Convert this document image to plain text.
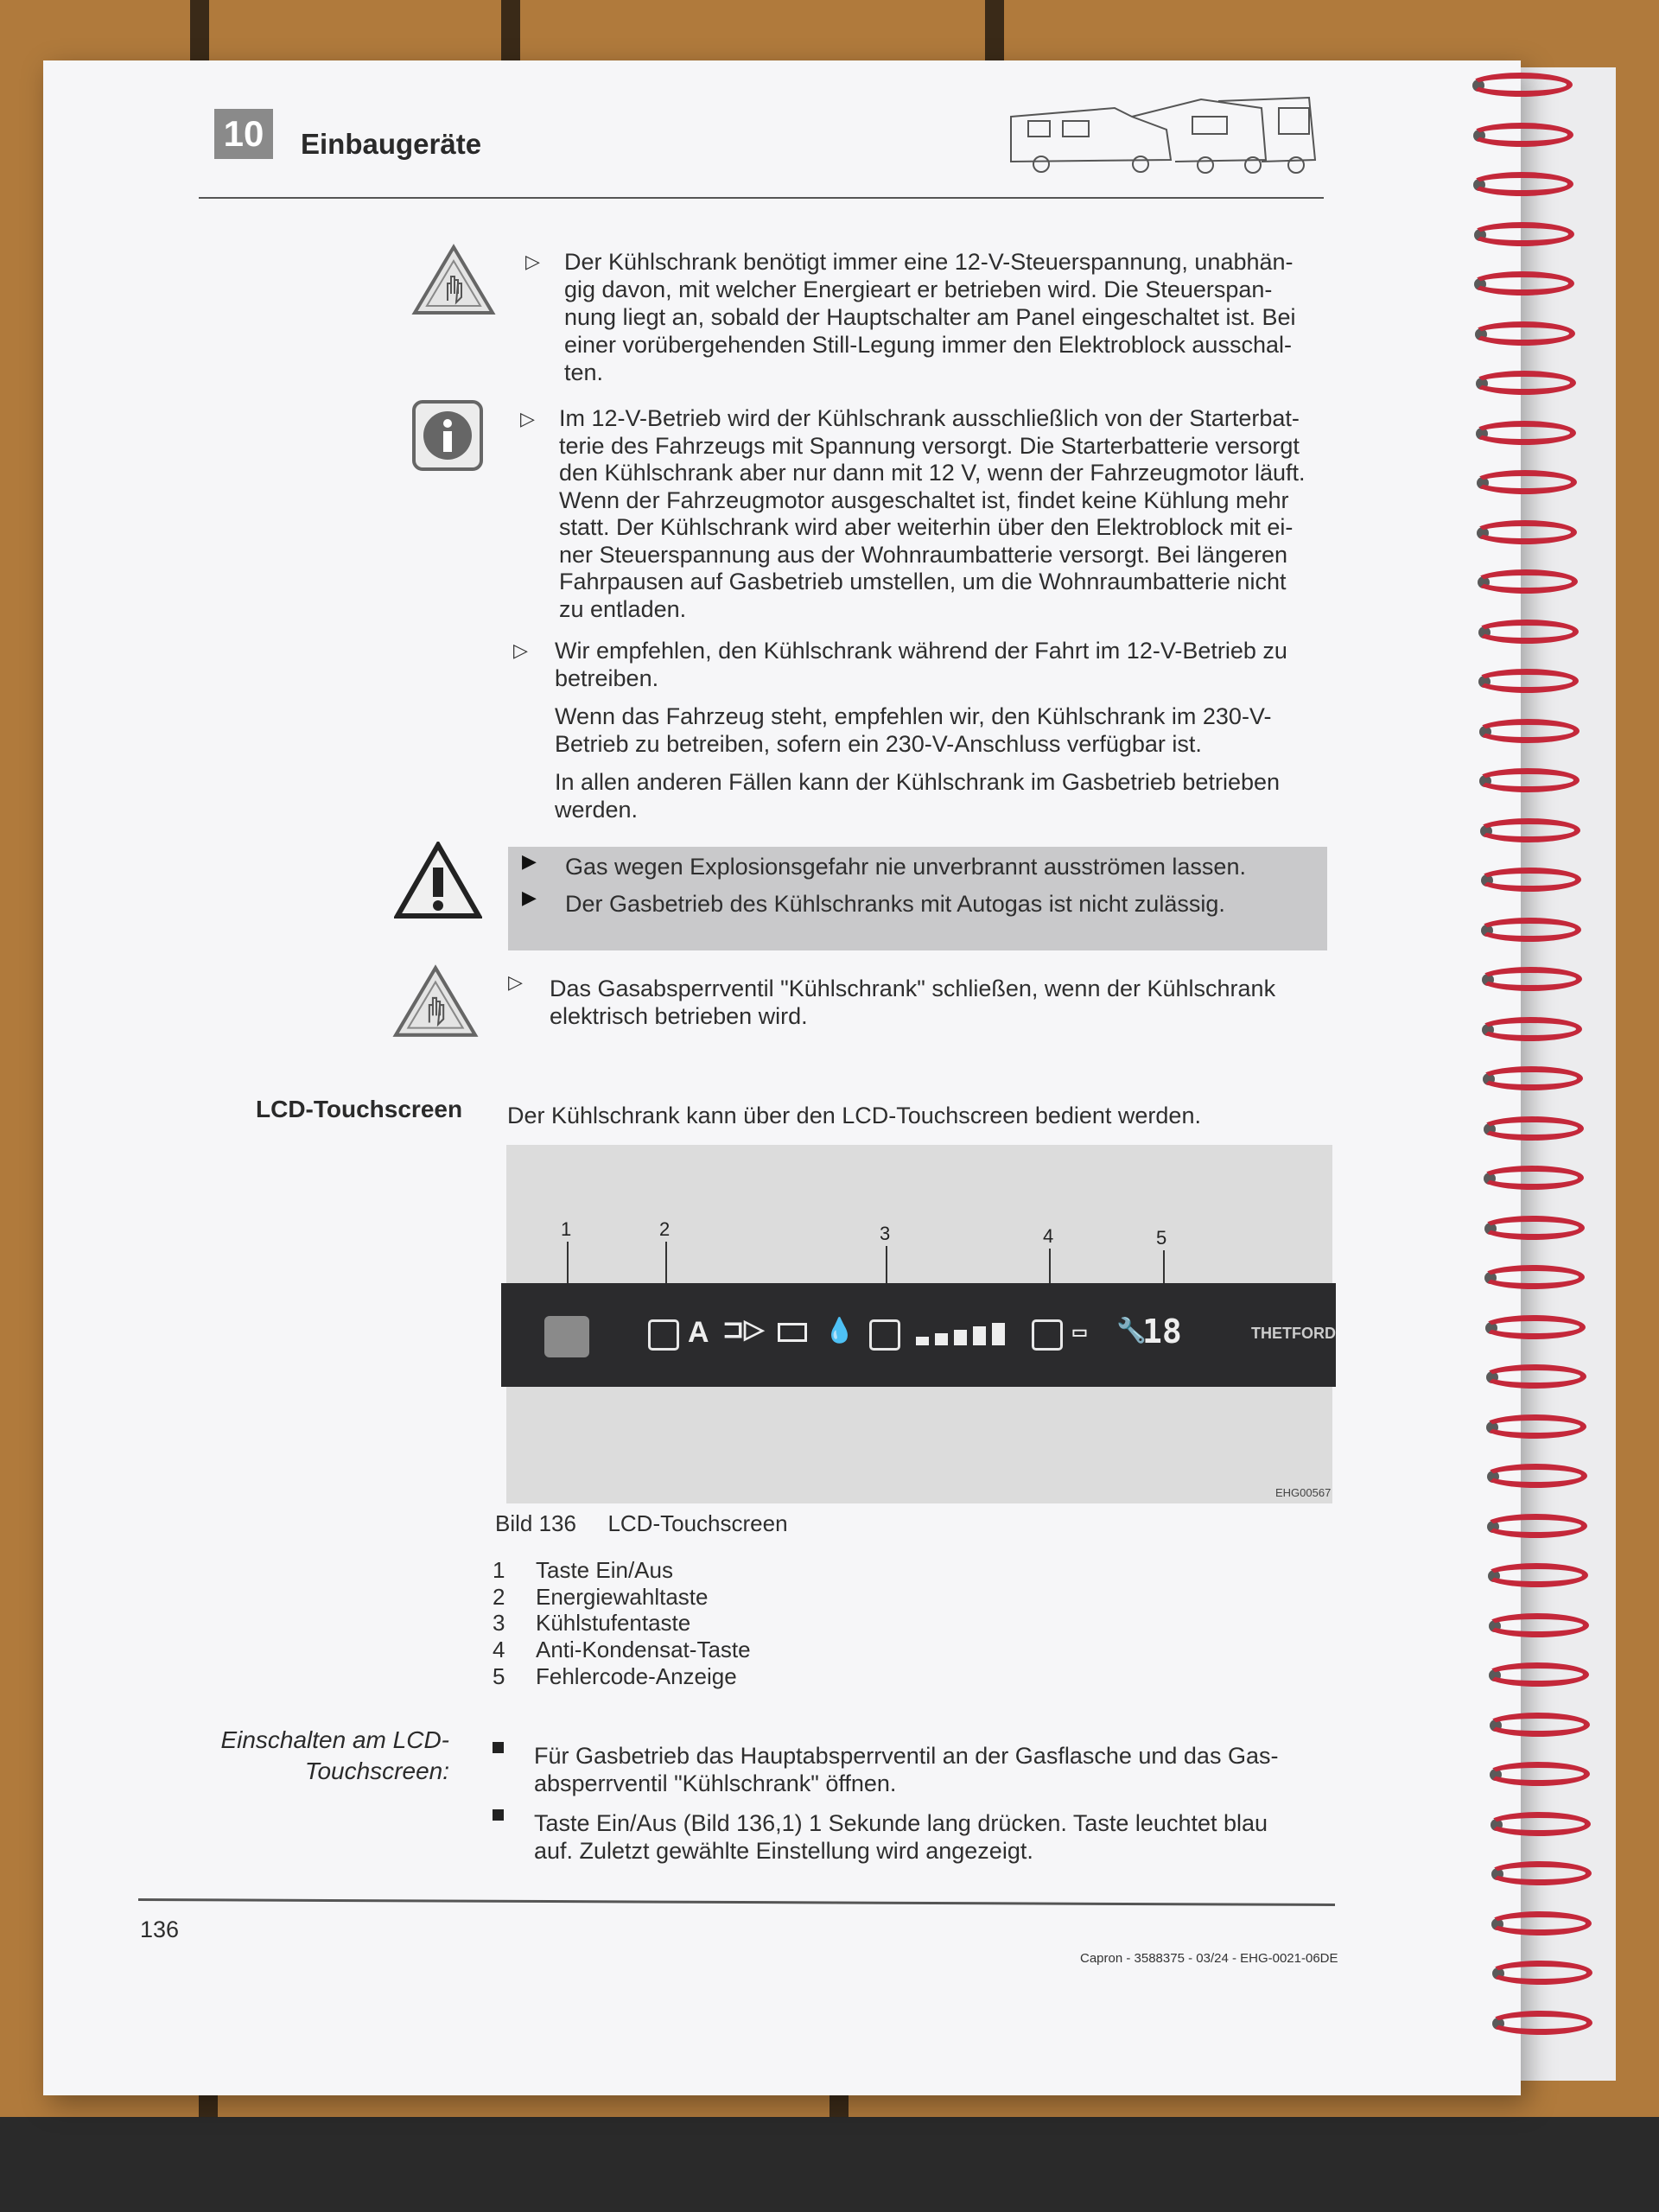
10	Einbaugeräte
▷ Der Kühlschrank benötigt immer eine 12-V-Steuerspannung, unabhän-
gig davon, mit welcher Energieart er betrieben wird. Die Steuerspan-
nung liegt an, sobald der Hauptschalter am Panel eingeschaltet ist. Bei
einer vorübergehenden Still-Legung immer den Elektroblock ausschal-
ten.
▷ Im 12-V-Betrieb wird der Kühlschrank ausschließlich von der Starterbat-
terie des Fahrzeugs mit Spannung versorgt. Die Starterbatterie versorgt
den Kühlschrank aber nur dann mit 12 V, wenn der Fahrzeugmotor läuft.
Wenn der Fahrzeugmotor ausgeschaltet ist, findet keine Kühlung mehr
statt. Der Kühlschrank wird aber weiterhin über den Elektroblock mit ei-
ner Steuerspannung aus der Wohnraumbatterie versorgt. Bei längeren
Fahrpausen auf Gasbetrieb umstellen, um die Wohnraumbatterie nicht
zu entladen.
▷ Wir empfehlen, den Kühlschrank während der Fahrt im 12-V-Betrieb zu
betreiben.
Wenn das Fahrzeug steht, empfehlen wir, den Kühlschrank im 230-V-
Betrieb zu betreiben, sofern ein 230-V-Anschluss verfügbar ist.
In allen anderen Fällen kann der Kühlschrank im Gasbetrieb betrieben
werden.
▶ Gas wegen Explosionsgefahr nie unverbrannt ausströmen lassen.
▶ Der Gasbetrieb des Kühlschranks mit Autogas ist nicht zulässig.
▷ Das Gasabsperrventil "Kühlschrank" schließen, wenn der Kühlschrank
elektrisch betrieben wird.
LCD-Touchscreen Der Kühlschrank kann über den LCD-Touchscreen bedient werden.
1	2	3	4	5
A ⊐▷ 💧	▭ 🔧
18	THETFORD
EHG00567
Bild 136 LCD-Touchscreen
1 Taste Ein/Aus
2 Energiewahltaste
3 Kühlstufentaste
4 Anti-Kondensat-Taste
5 Fehlercode-Anzeige
Einschalten am LCD-
Touchscreen:
Für Gasbetrieb das Hauptabsperrventil an der Gasflasche und das Gas-
absperrventil "Kühlschrank" öffnen.
Taste Ein/Aus (Bild 136,1) 1 Sekunde lang drücken. Taste leuchtet blau
auf. Zuletzt gewählte Einstellung wird angezeigt.
136
Capron - 3588375 - 03/24 - EHG-0021-06DE
